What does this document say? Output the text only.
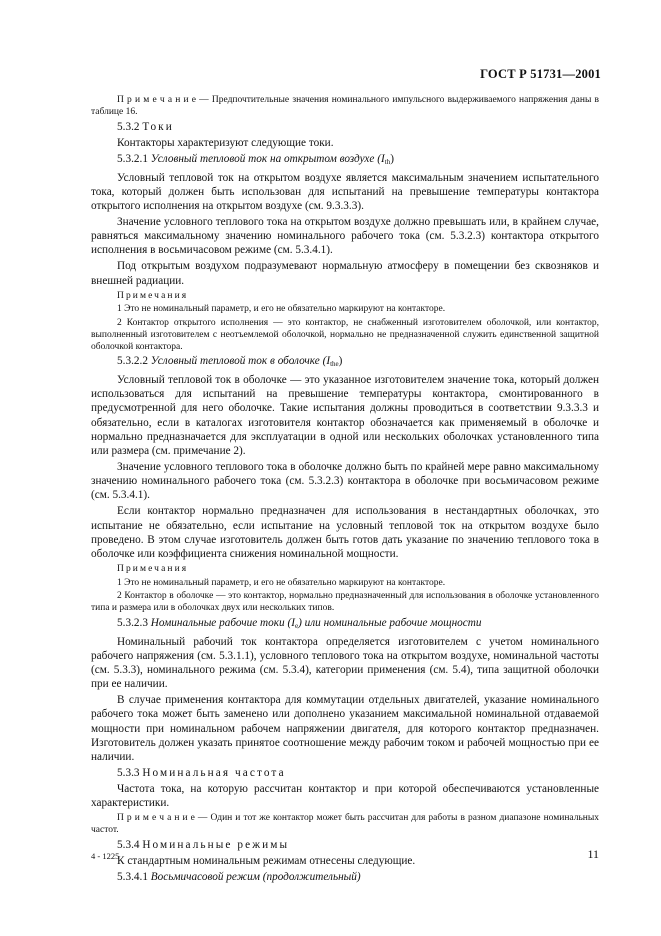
ГОСТ Р 51731—2001

П р и м е ч а н и е — Предпочтительные значения номинального импульсного выдерживаемого напряжения даны в таблице 16.

5.3.2 Токи

Контакторы характеризуют следующие токи.

5.3.2.1 Условный тепловой ток на открытом воздухе $(I_{th})$

Условный тепловой ток на открытом воздухе является максимальным значением испытательного тока, который должен быть использован для испытаний на превышение температуры контактора открытого исполнения на открытом воздухе (см. 9.3.3.3).

Значение условного теплового тока на открытом воздухе должно превышать или, в крайнем случае, равняться максимальному значению номинального рабочего тока (см. 5.3.2.3) контактора открытого исполнения в восьмичасовом режиме (см. 5.3.4.1).

Под открытым воздухом подразумевают нормальную атмосферу в помещении без сквозняков и внешней радиации.

Примечания

1 Это не номинальный параметр, и его не обязательно маркируют на контакторе.

2 Контактор открытого исполнения — это контактор, не снабженный изготовителем оболочкой, или контактор, выполненный изготовителем с неотъемлемой оболочкой, нормально не предназначенной служить единственной защитной оболочкой контактора.

5.3.2.2 Условный тепловой ток в оболочке $(I_{the})$

Условный тепловой ток в оболочке — это указанное изготовителем значение тока, который должен использоваться для испытаний на превышение температуры контактора, смонтированного в предусмотренной для него оболочке. Такие испытания должны проводиться в соответствии 9.3.3.3 и обязательно, если в каталогах изготовителя контактор обозначается как применяемый в оболочке и нормально предназначается для эксплуатации в одной или нескольких оболочках установленного типа или размера (см. примечание 2).

Значение условного теплового тока в оболочке должно быть по крайней мере равно максимальному значению номинального рабочего тока (см. 5.3.2.3) контактора в оболочке при восьмичасовом режиме (см. 5.3.4.1).

Если контактор нормально предназначен для использования в нестандартных оболочках, это испытание не обязательно, если испытание на условный тепловой ток на открытом воздухе было проведено. В этом случае изготовитель должен быть готов дать указание по значению теплового тока в оболочке или коэффициента снижения номинальной мощности.

Примечания

1 Это не номинальный параметр, и его не обязательно маркируют на контакторе.

2 Контактор в оболочке — это контактор, нормально предназначенный для использования в оболочке установленного типа и размера или в оболочках двух или нескольких типов.

5.3.2.3 Номинальные рабочие токи $(I_e)$ или номинальные рабочие мощности

Номинальный рабочий ток контактора определяется изготовителем с учетом номинального рабочего напряжения (см. 5.3.1.1), условного теплового тока на открытом воздухе, номинальной частоты (см. 5.3.3), номинального режима (см. 5.3.4), категории применения (см. 5.4), типа защитной оболочки при ее наличии.

В случае применения контактора для коммутации отдельных двигателей, указание номинального рабочего тока может быть заменено или дополнено указанием максимальной номинальной отдаваемой мощности при номинальном рабочем напряжении двигателя, для которого контактор предназначен. Изготовитель должен указать принятое соотношение между рабочим током и рабочей мощностью при ее наличии.

5.3.3 Номинальная частота

Частота тока, на которую рассчитан контактор и при которой обеспечиваются установленные характеристики.

П р и м е ч а н и е — Один и тот же контактор может быть рассчитан для работы в разном диапазоне номинальных частот.

5.3.4 Номинальные режимы

К стандартным номинальным режимам отнесены следующие.

5.3.4.1 Восьмичасовой режим (продолжительный)

4 - 1225	11
